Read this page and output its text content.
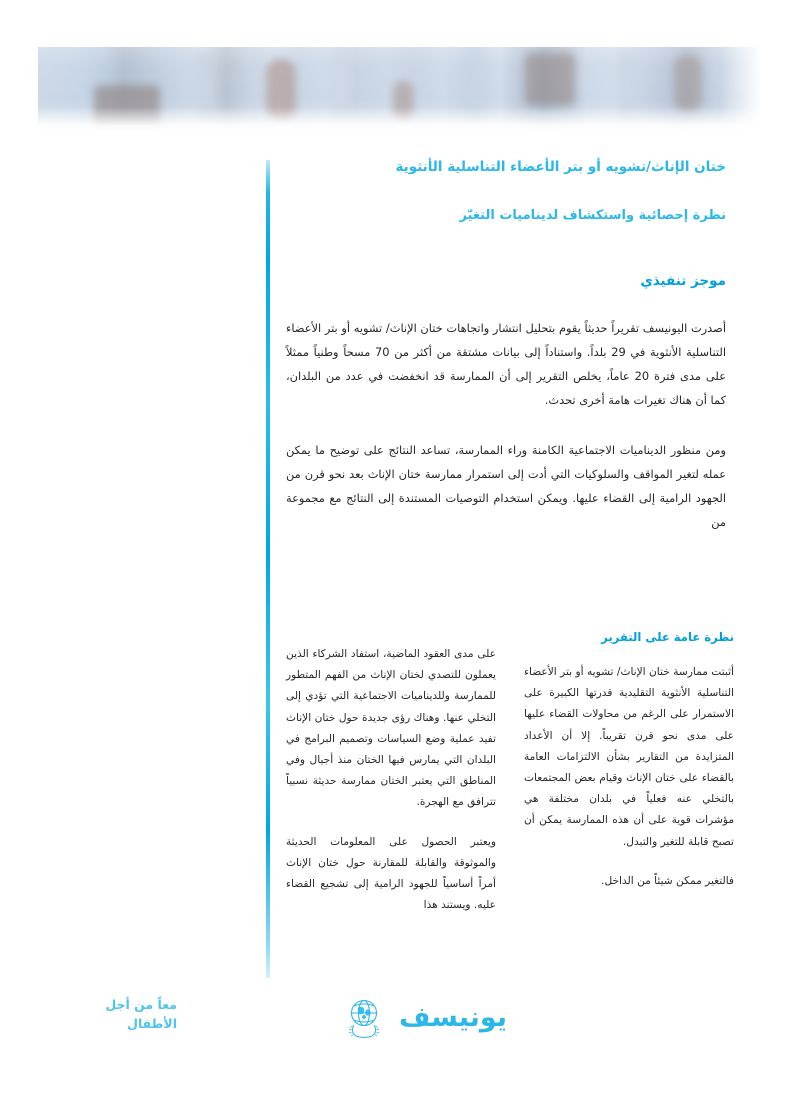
ختان الإناث/تشويه أو بتر الأعضاء التناسلية الأنثوية
نظرة إحصائية واستكشاف لديناميات التغيّر
موجز تنفيذي

أصدرت اليونيسف تقريراً حديثاً يقوم بتحليل انتشار واتجاهات ختان الإناث/ تشويه أو بتر الأعضاء التناسلية الأنثوية في 29 بلداً. واستناداً إلى بيانات مشتقة من أكثر من 70 مسحاً وطنياً ممثلاً على مدى فترة 20 عاماً، يخلص التقرير إلى أن الممارسة قد انخفضت في عدد من البلدان، كما أن هناك تغيرات هامة أخرى تحدث.

ومن منظور الديناميات الاجتماعية الكامنة وراء الممارسة، تساعد النتائج على توضيح ما يمكن عمله لتغير المواقف والسلوكيات التي أدت إلى استمرار ممارسة ختان الإناث بعد نحو قرن من الجهود الرامية إلى القضاء عليها. ويمكن استخدام التوصيات المستندة إلى النتائج مع مجموعة من

نظرة عامة على التقرير

أثبتت ممارسة ختان الإناث/ تشويه أو بتر الأعضاء التناسلية الأنثوية التقليدية قدرتها الكبيرة على الاستمرار على الرغم من محاولات القضاء عليها على مدى نحو قرن تقريباً. إلا أن الأعداد المتزايدة من التقارير بشأن الالتزامات العامة بالقضاء على ختان الإناث وقيام بعض المجتمعات بالتخلي عنه فعلياً في بلدان مختلفة هي مؤشرات قوية على أن هذه الممارسة يمكن أن تصبح قابلة للتغير والتبدل.

فالتغير ممكن شيئاً من الداخل.

على مدى العقود الماضية، استفاد الشركاء الذين يعملون للتصدي لختان الإناث من الفهم المتطور للممارسة وللديناميات الاجتماعية التي تؤدي إلى التخلي عنها. وهناك رؤى جديدة حول ختان الإناث تفيد عملية وضع السياسات وتصميم البرامج في البلدان التي يمارس فيها الختان منذ أجيال وفي المناطق التي يعتبر الختان ممارسة حديثة نسبياً تترافق مع الهجرة.

ويعتبر الحصول على المعلومات الحديثة والموثوقة والقابلة للمقارنة حول ختان الإناث أمراً أساسياً للجهود الرامية إلى تشجيع القضاء عليه. ويستند هذا

يونيسف
معاً من أجل
الأطفال
